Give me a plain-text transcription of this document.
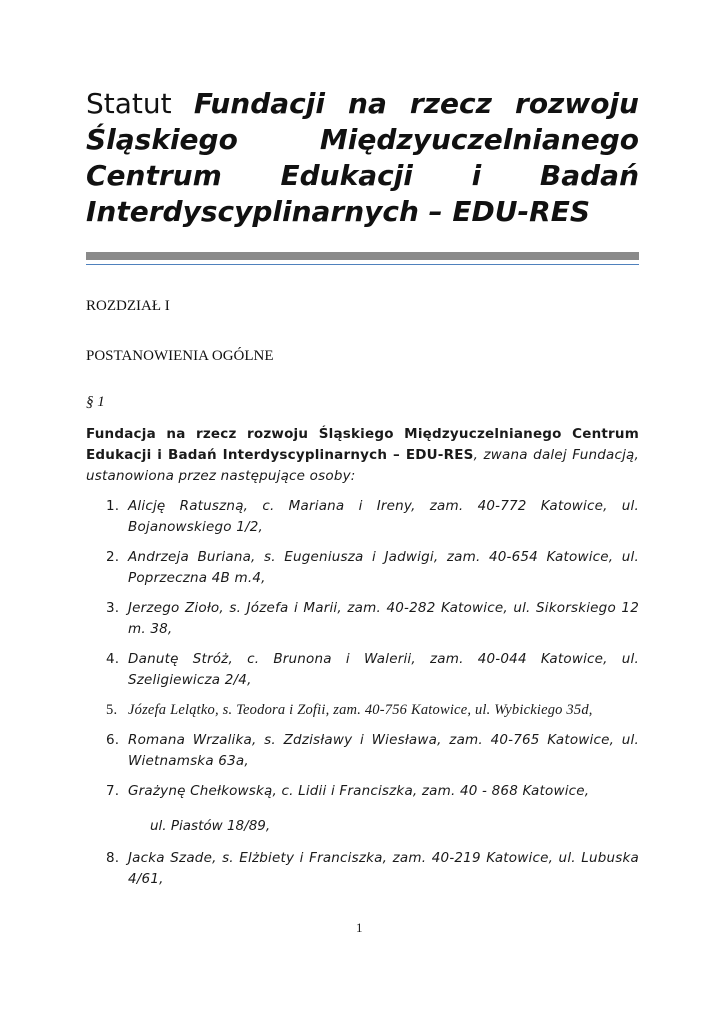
Statut Fundacji na rzecz rozwoju Śląskiego Międzyuczelnianego Centrum Edukacji i Badań Interdyscyplinarnych – EDU-RES
ROZDZIAŁ I
POSTANOWIENIA OGÓLNE
§ 1
Fundacja na rzecz rozwoju Śląskiego Międzyuczelnianego Centrum Edukacji i Badań Interdyscyplinarnych – EDU-RES, zwana dalej Fundacją, ustanowiona przez następujące osoby:
1. Alicję Ratuszną, c. Mariana i Ireny, zam. 40-772 Katowice, ul. Bojanowskiego 1/2,
2. Andrzeja Buriana, s. Eugeniusza i Jadwigi, zam. 40-654 Katowice, ul. Poprzeczna 4B m.4,
3. Jerzego Zioło, s. Józefa i Marii, zam. 40-282 Katowice, ul. Sikorskiego 12 m. 38,
4. Danutę Stróż, c. Brunona i Walerii, zam. 40-044 Katowice, ul. Szeligiewicza 2/4,
5. Józefa Lelątko, s. Teodora i Zofii, zam. 40-756 Katowice, ul. Wybickiego 35d,
6. Romana Wrzalika, s. Zdzisławy i Wiesława, zam. 40-765 Katowice, ul. Wietnamska 63a,
7. Grażynę Chełkowską, c. Lidii i Franciszka, zam. 40 - 868 Katowice,
ul. Piastów 18/89,
8. Jacka Szade, s. Elżbiety i Franciszka, zam. 40-219 Katowice, ul. Lubuska 4/61,
1
